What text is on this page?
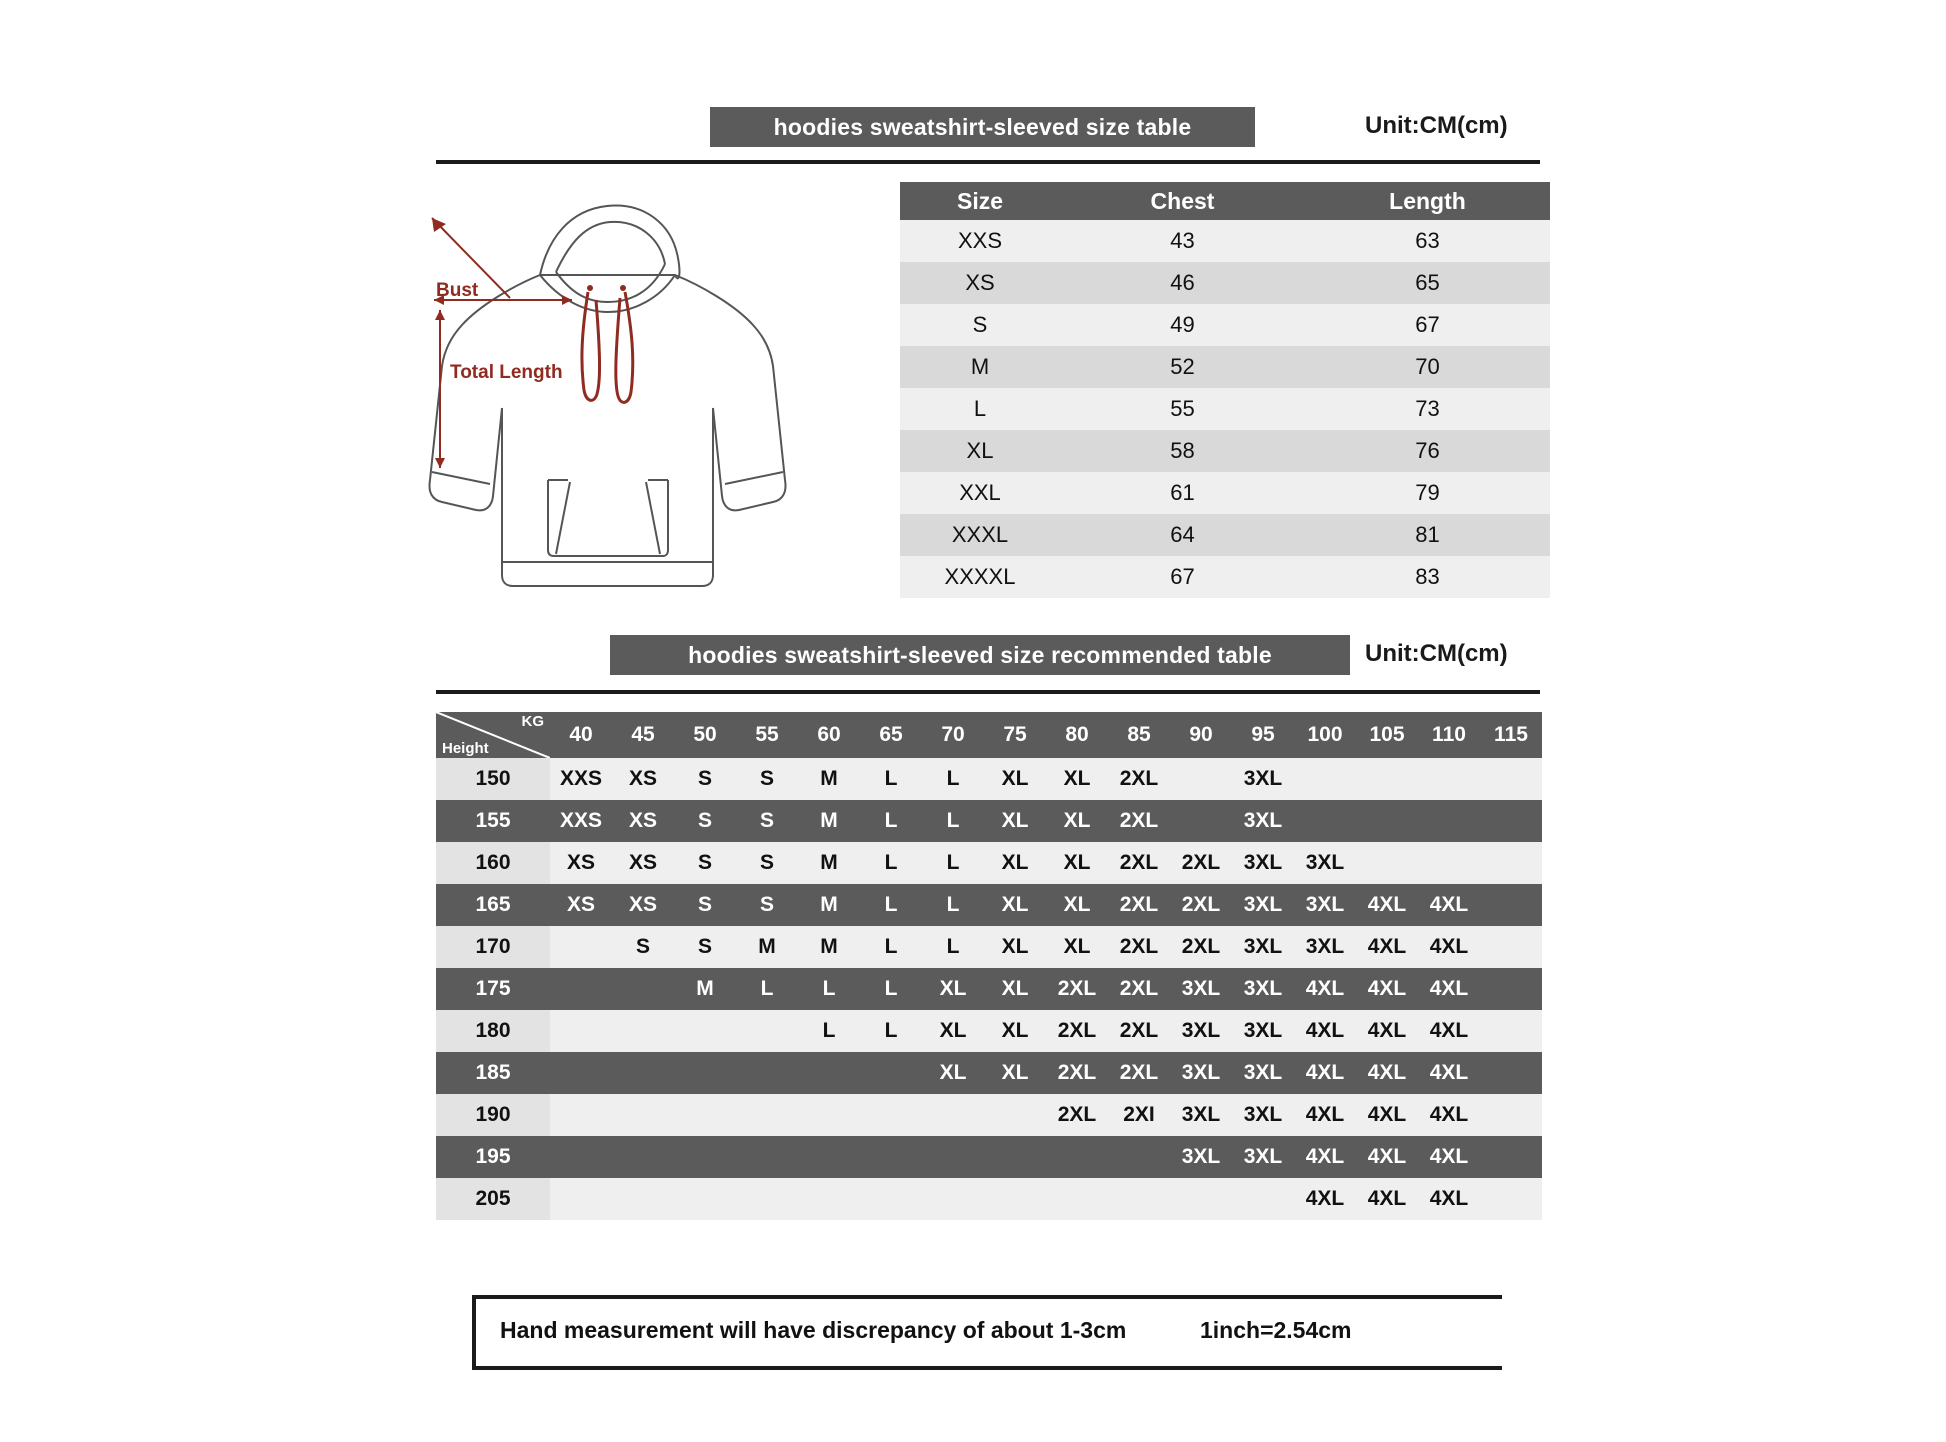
hoodies sweatshirt-sleeved size table	Unit:CM(cm)
Bust
Total Length
Size	Chest	Length
XXS	43	63
XS	46	65
S	49	67
M	52	70
L	55	73
XL	58	76
XXL	61	79
XXXL	64	81
XXXXL	67	83
hoodies sweatshirt-sleeved size recommended table	Unit:CM(cm)
KG
Height	40	45	50	55	60	65	70	75	80	85	90	95	100	105	110	115
150	XXS	XS	S	S	M	L	L	XL	XL	2XL		3XL				
155	XXS	XS	S	S	M	L	L	XL	XL	2XL		3XL				
160	XS	XS	S	S	M	L	L	XL	XL	2XL	2XL	3XL	3XL			
165	XS	XS	S	S	M	L	L	XL	XL	2XL	2XL	3XL	3XL	4XL	4XL	
170		S	S	M	M	L	L	XL	XL	2XL	2XL	3XL	3XL	4XL	4XL	
175			M	L	L	L	XL	XL	2XL	2XL	3XL	3XL	4XL	4XL	4XL	
180					L	L	XL	XL	2XL	2XL	3XL	3XL	4XL	4XL	4XL	
185							XL	XL	2XL	2XL	3XL	3XL	4XL	4XL	4XL	
190									2XL	2XI	3XL	3XL	4XL	4XL	4XL	
195											3XL	3XL	4XL	4XL	4XL	
205													4XL	4XL	4XL	
Hand measurement will have discrepancy of about 1-3cm	1inch=2.54cm
